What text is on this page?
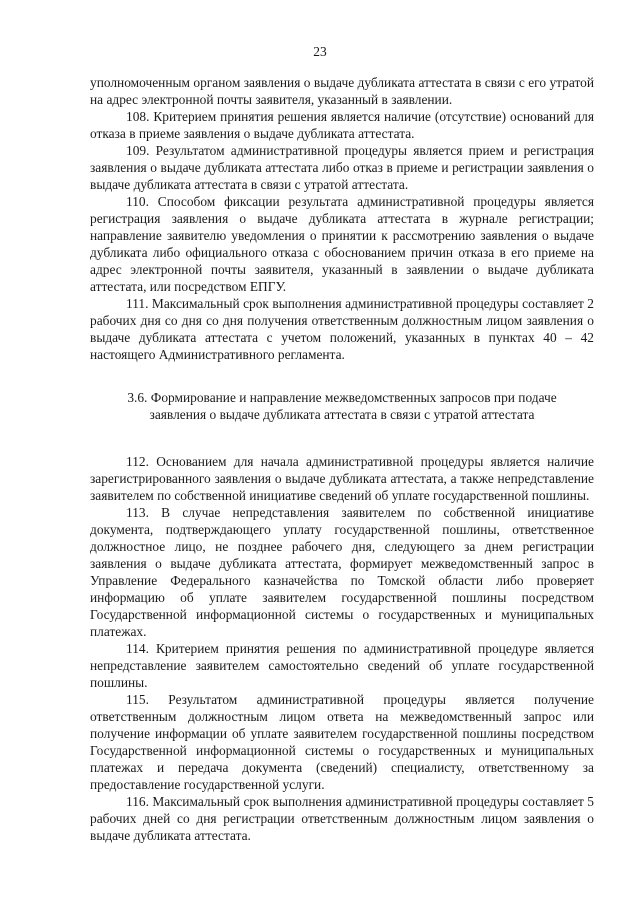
23

уполномоченным органом заявления о выдаче дубликата аттестата в связи с его утратой на адрес электронной почты заявителя, указанный в заявлении.

108. Критерием принятия решения является наличие (отсутствие) оснований для отказа в приеме заявления о выдаче дубликата аттестата.

109. Результатом административной процедуры является прием и регистрация заявления о выдаче дубликата аттестата либо отказ в приеме и регистрации заявления о выдаче дубликата аттестата в связи с утратой аттестата.

110. Способом фиксации результата административной процедуры является регистрация заявления о выдаче дубликата аттестата в журнале регистрации; направление заявителю уведомления о принятии к рассмотрению заявления о выдаче дубликата либо официального отказа с обоснованием причин отказа в его приеме на адрес электронной почты заявителя, указанный в заявлении о выдаче дубликата аттестата, или посредством ЕПГУ.

111. Максимальный срок выполнения административной процедуры составляет 2 рабочих дня со дня со дня получения ответственным должностным лицом заявления о выдаче дубликата аттестата с учетом положений, указанных в пунктах 40 – 42 настоящего Административного регламента.

3.6. Формирование и направление межведомственных запросов при подаче
заявления о выдаче дубликата аттестата в связи с утратой аттестата

112. Основанием для начала административной процедуры является наличие зарегистрированного заявления о выдаче дубликата аттестата, а также непредставление заявителем по собственной инициативе сведений об уплате государственной пошлины.

113. В случае непредставления заявителем по собственной инициативе документа, подтверждающего уплату государственной пошлины, ответственное должностное лицо, не позднее рабочего дня, следующего за днем регистрации заявления о выдаче дубликата аттестата, формирует межведомственный запрос в Управление Федерального казначейства по Томской области либо проверяет информацию об уплате заявителем государственной пошлины посредством Государственной информационной системы о государственных и муниципальных платежах.

114. Критерием принятия решения по административной процедуре является непредставление заявителем самостоятельно сведений об уплате государственной пошлины.

115. Результатом административной процедуры является получение ответственным должностным лицом ответа на межведомственный запрос или получение информации об уплате заявителем государственной пошлины посредством Государственной информационной системы о государственных и муниципальных платежах и передача документа (сведений) специалисту, ответственному за предоставление государственной услуги.

116. Максимальный срок выполнения административной процедуры составляет 5 рабочих дней со дня регистрации ответственным должностным лицом заявления о выдаче дубликата аттестата.
